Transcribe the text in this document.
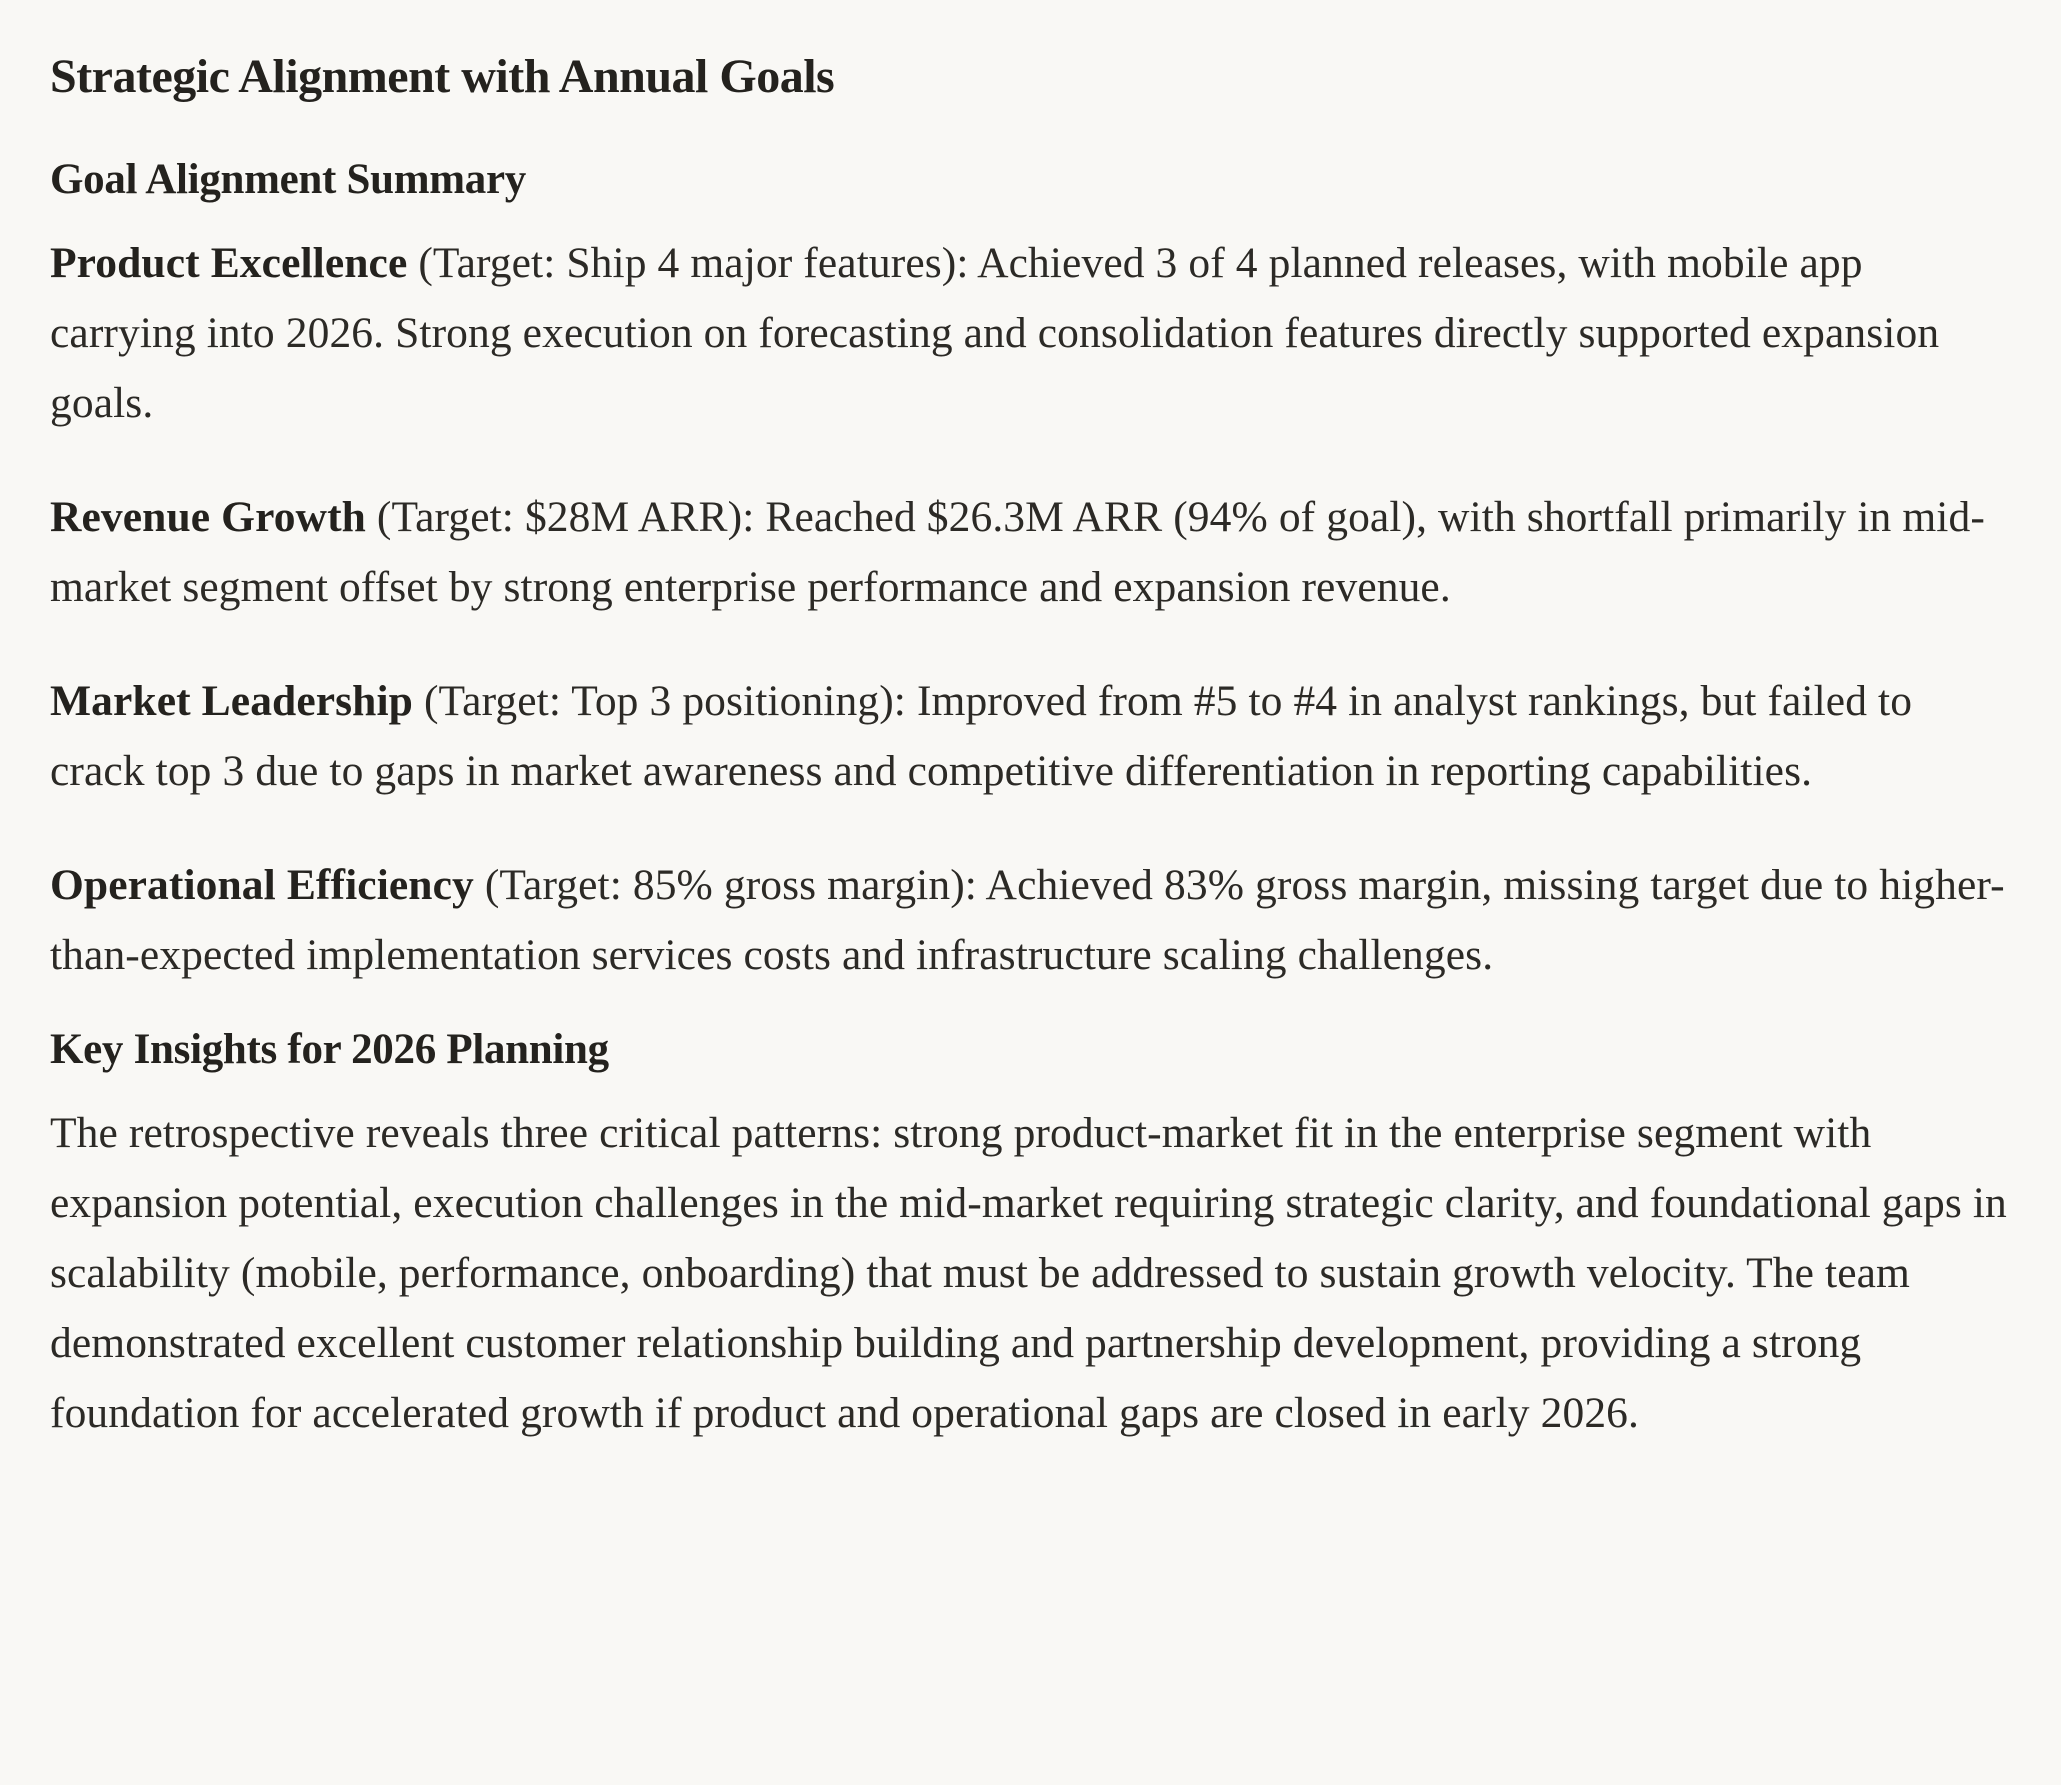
Strategic Alignment with Annual Goals
Goal Alignment Summary

Product Excellence (Target: Ship 4 major features): Achieved 3 of 4 planned releases, with mobile app carrying into 2026. Strong execution on forecasting and consolidation features directly supported expansion goals.

Revenue Growth (Target: $28M ARR): Reached $26.3M ARR (94% of goal), with shortfall primarily in mid-market segment offset by strong enterprise performance and expansion revenue.

Market Leadership (Target: Top 3 positioning): Improved from #5 to #4 in analyst rankings, but failed to crack top 3 due to gaps in market awareness and competitive differentiation in reporting capabilities.

Operational Efficiency (Target: 85% gross margin): Achieved 83% gross margin, missing target due to higher-than-expected implementation services costs and infrastructure scaling challenges.

Key Insights for 2026 Planning

The retrospective reveals three critical patterns: strong product-market fit in the enterprise segment with expansion potential, execution challenges in the mid-market requiring strategic clarity, and foundational gaps in scalability (mobile, performance, onboarding) that must be addressed to sustain growth velocity. The team demonstrated excellent customer relationship building and partnership development, providing a strong foundation for accelerated growth if product and operational gaps are closed in early 2026.
